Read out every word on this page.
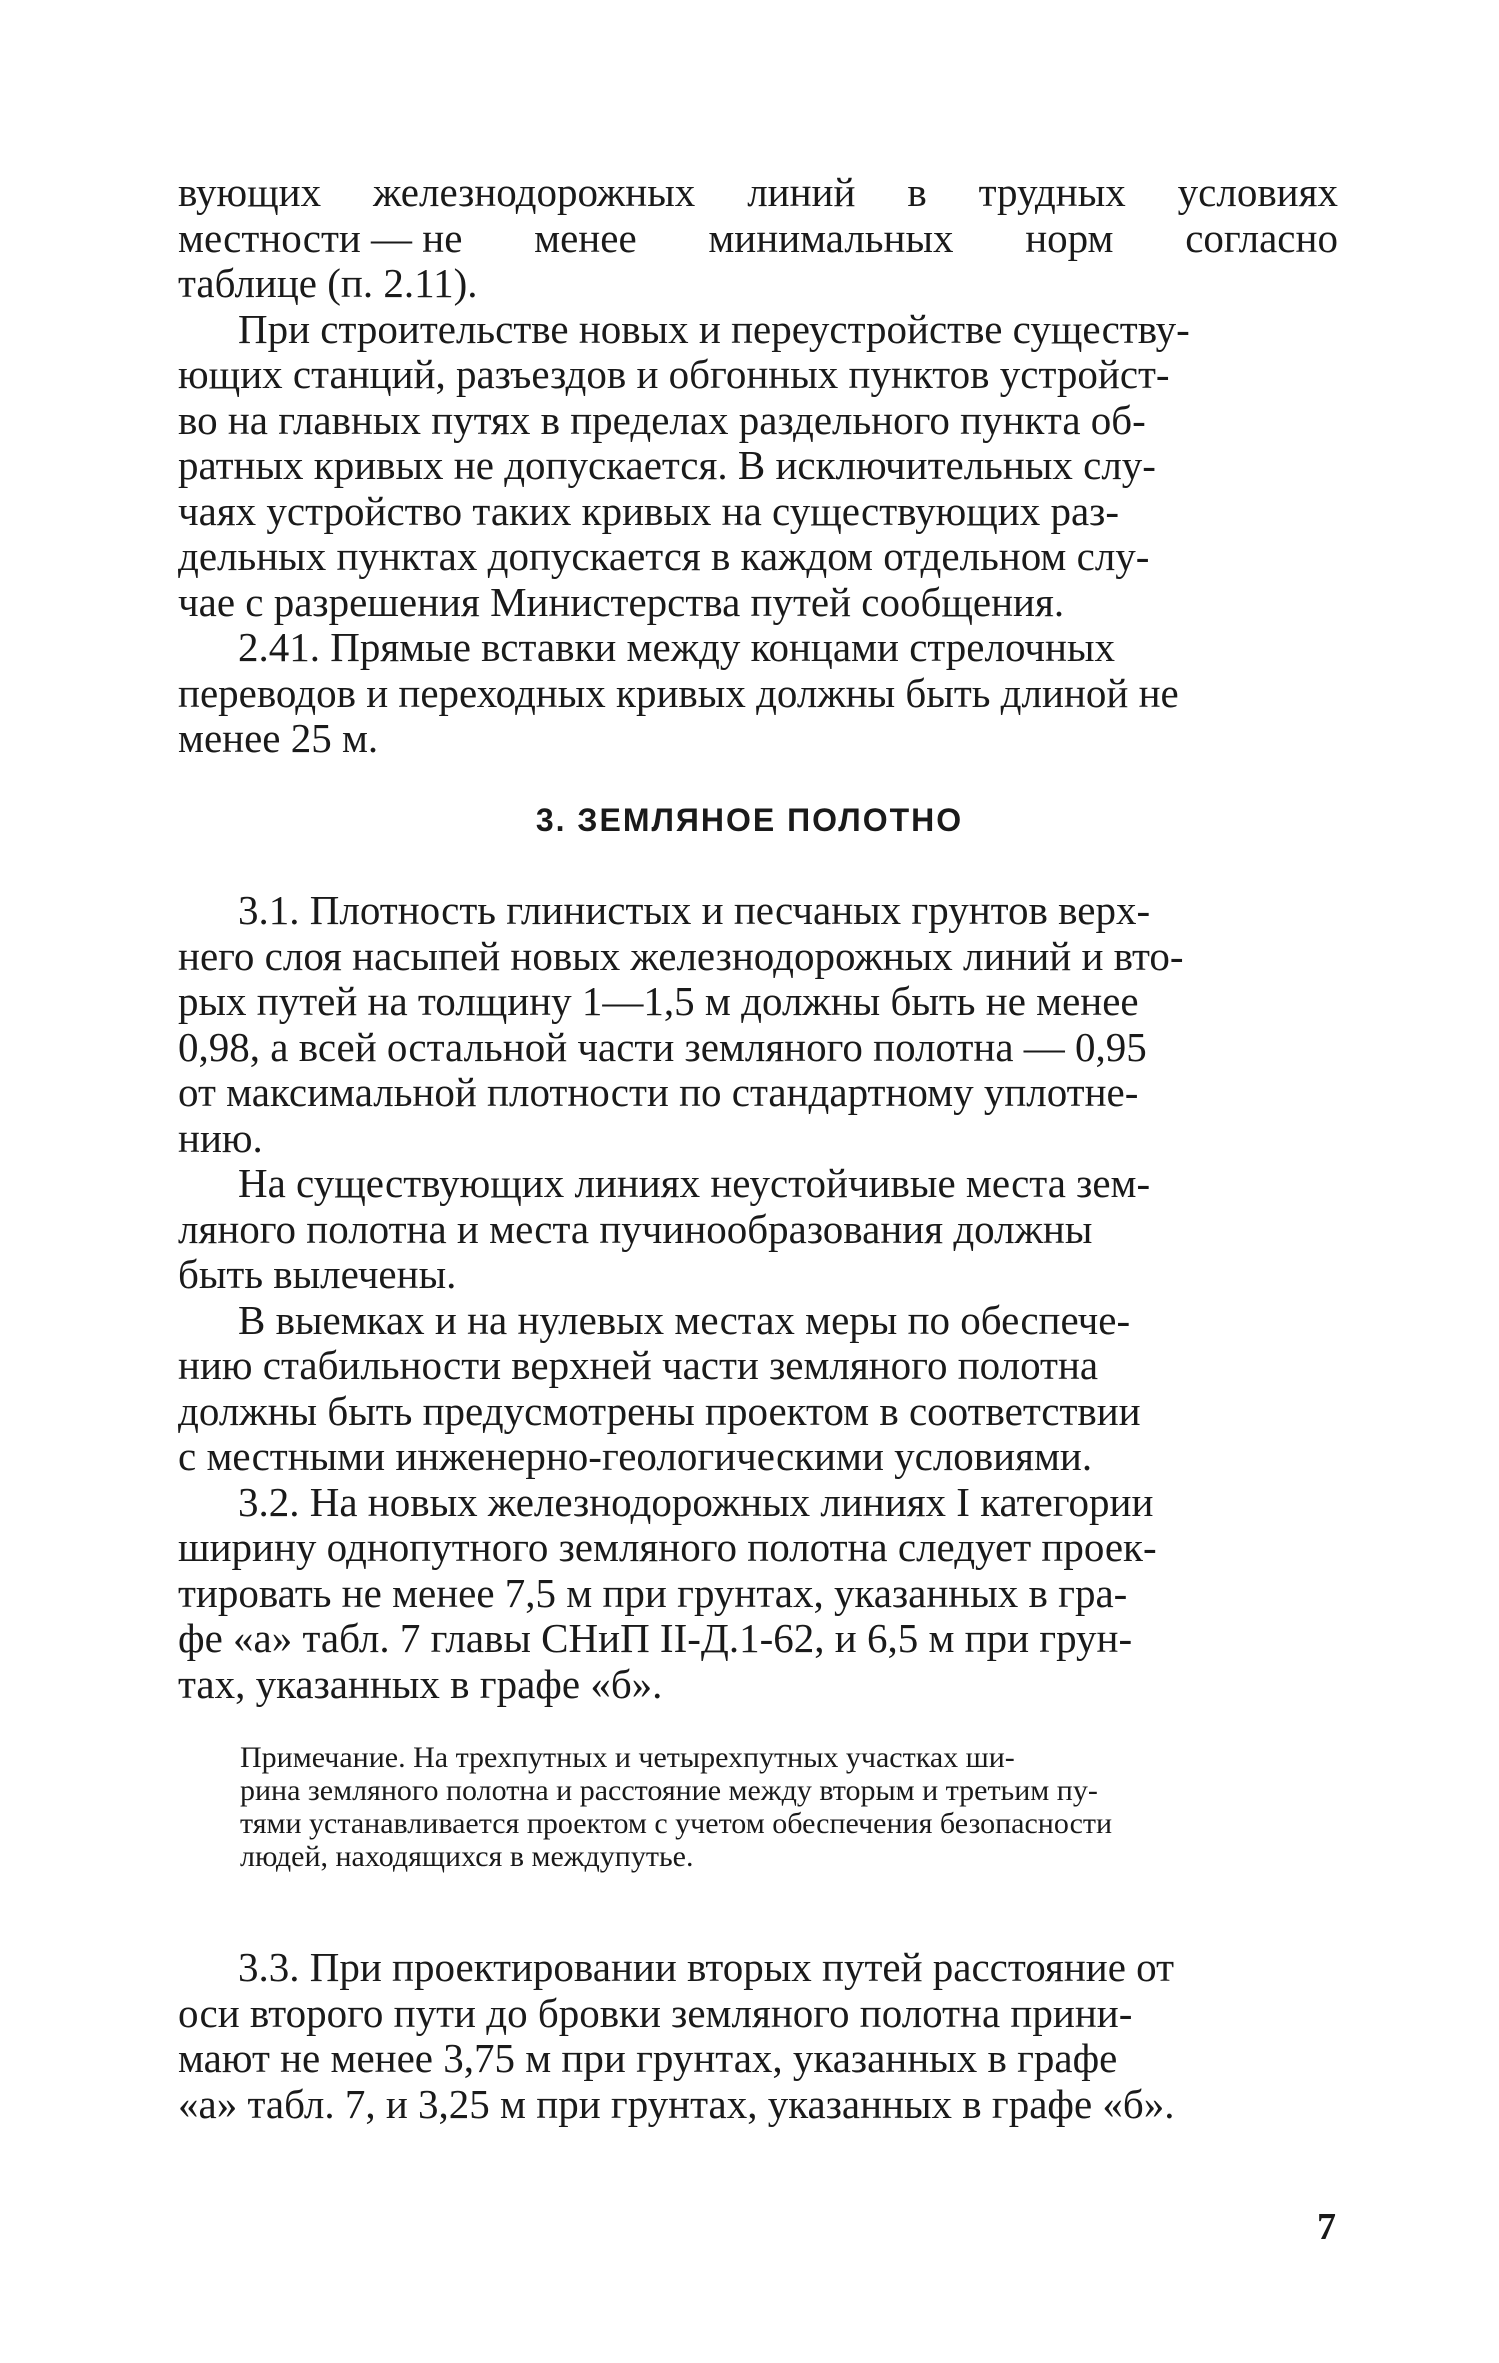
вующих железнодорожных линий в трудных условиях
местности — не менее минимальных норм согласно
таблице (п. 2.11).
При строительстве новых и переустройстве существу-
ющих станций, разъездов и обгонных пунктов устройст-
во на главных путях в пределах раздельного пункта об-
ратных кривых не допускается. В исключительных слу-
чаях устройство таких кривых на существующих раз-
дельных пунктах допускается в каждом отдельном слу-
чае с разрешения Министерства путей сообщения.
2.41. Прямые вставки между концами стрелочных
переводов и переходных кривых должны быть длиной не
менее 25 м.
3. ЗЕМЛЯНОЕ ПОЛОТНО
3.1. Плотность глинистых и песчаных грунтов верх-
него слоя насыпей новых железнодорожных линий и вто-
рых путей на толщину 1—1,5 м должны быть не менее
0,98, а всей остальной части земляного полотна — 0,95
от максимальной плотности по стандартному уплотне-
нию.
На существующих линиях неустойчивые места зем-
ляного полотна и места пучинообразования должны
быть вылечены.
В выемках и на нулевых местах меры по обеспече-
нию стабильности верхней части земляного полотна
должны быть предусмотрены проектом в соответствии
с местными инженерно-геологическими условиями.
3.2. На новых железнодорожных линиях I категории
ширину однопутного земляного полотна следует проек-
тировать не менее 7,5 м при грунтах, указанных в гра-
фе «а» табл. 7 главы СНиП II-Д.1-62, и 6,5 м при грун-
тах, указанных в графе «б».
Примечание. На трехпутных и четырехпутных участках ши-
рина земляного полотна и расстояние между вторым и третьим пу-
тями устанавливается проектом с учетом обеспечения безопасности
людей, находящихся в междупутье.
3.3. При проектировании вторых путей расстояние от
оси второго пути до бровки земляного полотна прини-
мают не менее 3,75 м при грунтах, указанных в графе
«а» табл. 7, и 3,25 м при грунтах, указанных в графе «б».
7
